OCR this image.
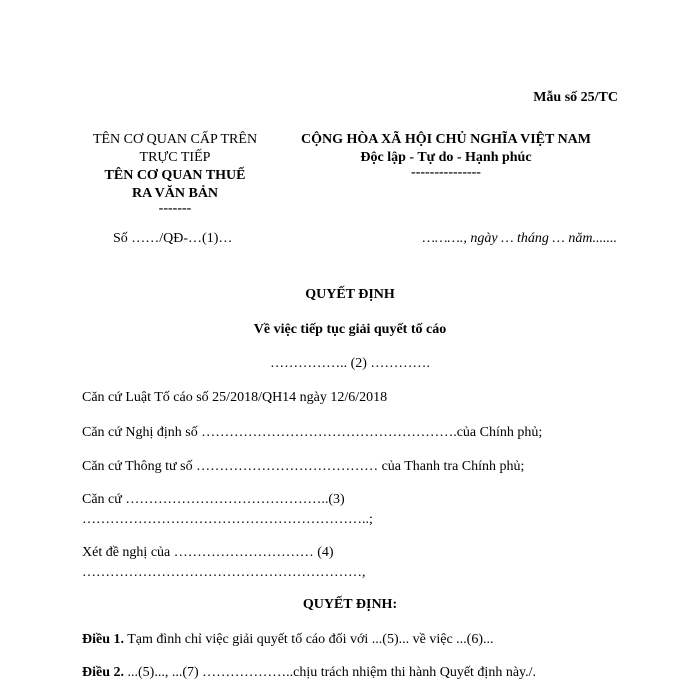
Mẫu số 25/TC
TÊN CƠ QUAN CẤP TRÊN
TRỰC TIẾP
TÊN CƠ QUAN THUẾ
RA VĂN BẢN
-------
CỘNG HÒA XÃ HỘI CHỦ NGHĨA VIỆT NAM
Độc lập - Tự do - Hạnh phúc
---------------
Số ……/QĐ-…(1)…	………., ngày … tháng … năm.......
QUYẾT ĐỊNH
Về việc tiếp tục giải quyết tố cáo
…………….. (2) ………….
Căn cứ Luật Tố cáo số 25/2018/QH14 ngày 12/6/2018
Căn cứ Nghị định số ……………………………………………….của Chính phủ;
Căn cứ Thông tư số ………………………………… của Thanh tra Chính phủ;
Căn cứ ……………………………………..(3)
……………………………………………………..;
Xét đề nghị của ………………………… (4)
……………………………………………………,
QUYẾT ĐỊNH:
Điều 1. Tạm đình chỉ việc giải quyết tố cáo đối với ...(5)... về việc ...(6)...
Điều 2. ...(5)..., ...(7) ………………..chịu trách nhiệm thi hành Quyết định này./.
